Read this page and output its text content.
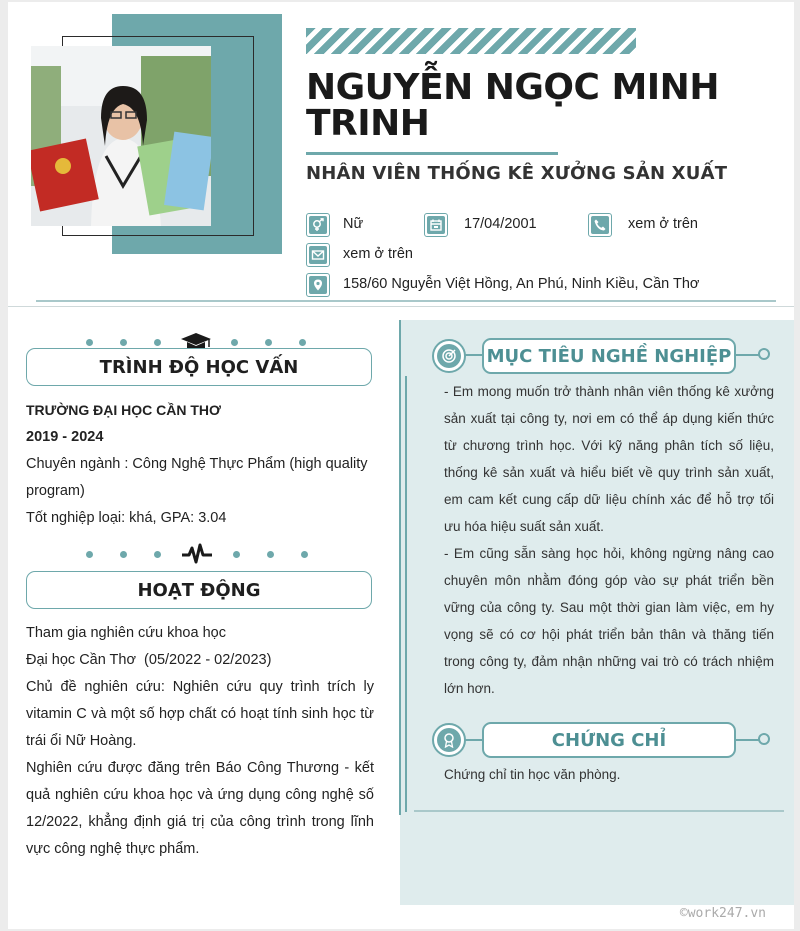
NGUYỄN NGỌC MINH TRINH
NHÂN VIÊN THỐNG KÊ XƯỞNG SẢN XUẤT
Nữ	17/04/2001	xem ở trên
xem ở trên
158/60 Nguyễn Việt Hồng, An Phú, Ninh Kiều, Cần Thơ
TRÌNH ĐỘ HỌC VẤN
TRƯỜNG ĐẠI HỌC CẦN THƠ
2019 - 2024
Chuyên ngành : Công Nghệ Thực Phẩm (high quality program)
Tốt nghiệp loại: khá, GPA: 3.04
HOẠT ĐỘNG
Tham gia nghiên cứu khoa học
Đại học Cần Thơ  (05/2022 - 02/2023)
Chủ đề nghiên cứu: Nghiên cứu quy trình trích ly vitamin C và một số hợp chất có hoạt tính sinh học từ trái ổi Nữ Hoàng.
Nghiên cứu được đăng trên Báo Công Thương - kết quả nghiên cứu khoa học và ứng dụng công nghệ số 12/2022, khẳng định giá trị của công trình trong lĩnh vực công nghệ thực phẩm.
MỤC TIÊU NGHỀ NGHIỆP
- Em mong muốn trở thành nhân viên thống kê xưởng sản xuất tại công ty, nơi em có thể áp dụng kiến thức từ chương trình học. Với kỹ năng phân tích số liệu, thống kê sản xuất và hiểu biết về quy trình sản xuất, em cam kết cung cấp dữ liệu chính xác để hỗ trợ tối ưu hóa hiệu suất sản xuất.
- Em cũng sẵn sàng học hỏi, không ngừng nâng cao chuyên môn nhằm đóng góp vào sự phát triển bền vững của công ty. Sau một thời gian làm việc, em hy vọng sẽ có cơ hội phát triển bản thân và thăng tiến trong công ty, đảm nhận những vai trò có trách nhiệm lớn hơn.
CHỨNG CHỈ
Chứng chỉ tin học văn phòng.
©work247.vn
